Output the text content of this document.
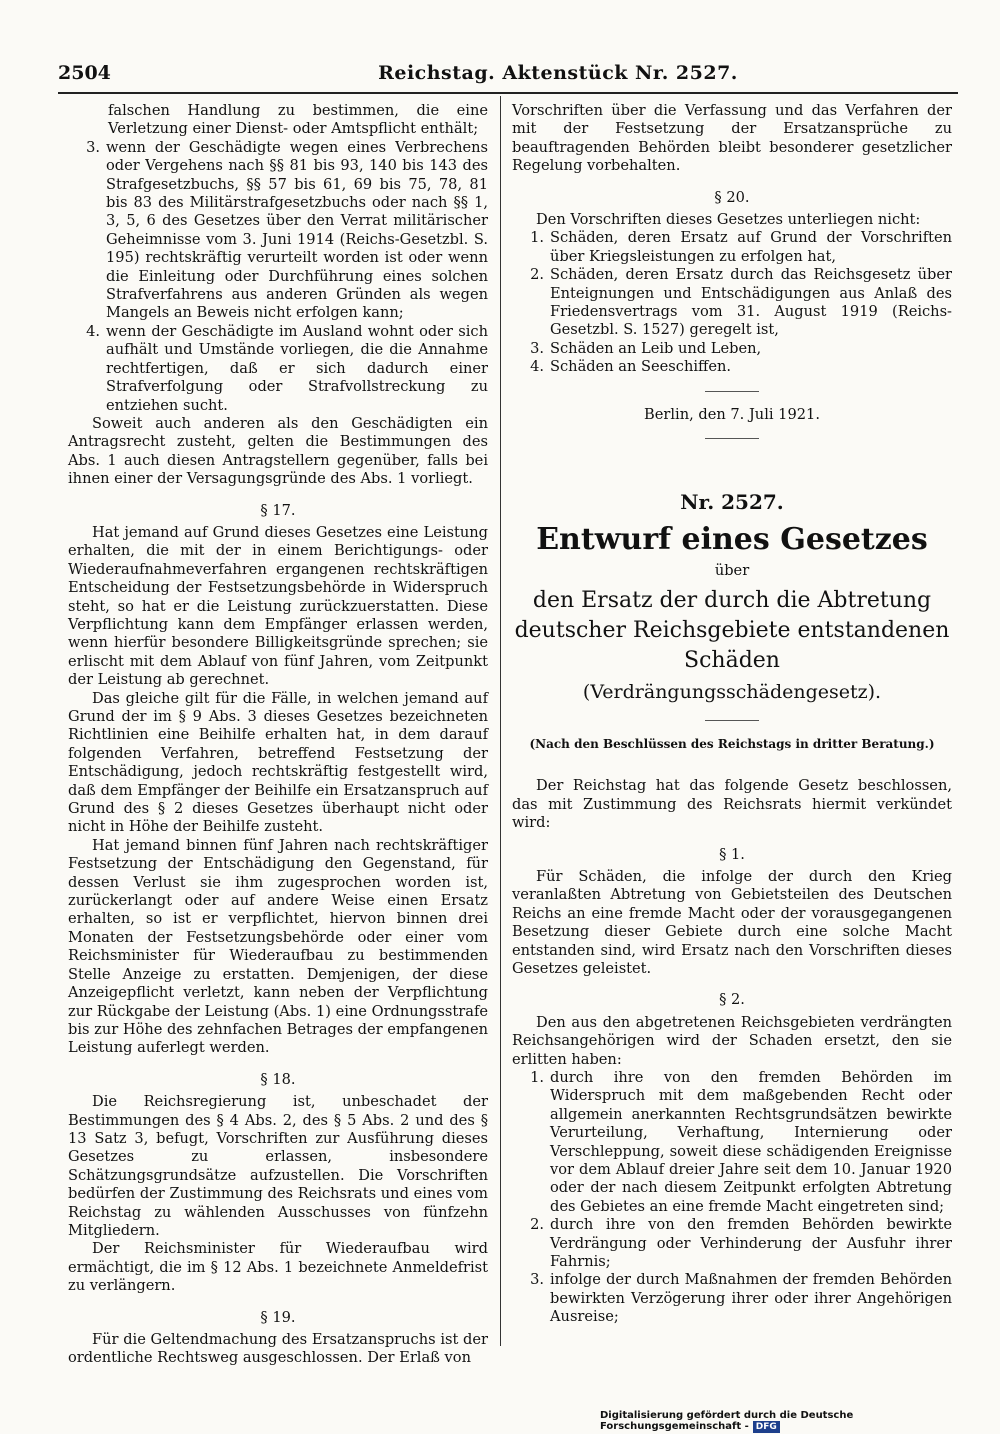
2504	Reichstag. Aktenstück Nr. 2527.

falschen Handlung zu bestimmen, die eine Verletzung einer Dienst- oder Amtspflicht enthält;

3. wenn der Geschädigte wegen eines Verbrechens oder Vergehens nach §§ 81 bis 93, 140 bis 143 des Strafgesetzbuchs, §§ 57 bis 61, 69 bis 75, 78, 81 bis 83 des Militärstrafgesetzbuchs oder nach §§ 1, 3, 5, 6 des Gesetzes über den Verrat militärischer Geheimnisse vom 3. Juni 1914 (Reichs-Gesetzbl. S. 195) rechtskräftig verurteilt worden ist oder wenn die Einleitung oder Durchführung eines solchen Strafverfahrens aus anderen Gründen als wegen Mangels an Beweis nicht erfolgen kann;
4. wenn der Geschädigte im Ausland wohnt oder sich aufhält und Umstände vorliegen, die die Annahme rechtfertigen, daß er sich dadurch einer Strafverfolgung oder Strafvollstreckung zu entziehen sucht.

Soweit auch anderen als den Geschädigten ein Antragsrecht zusteht, gelten die Bestimmungen des Abs. 1 auch diesen Antragstellern gegenüber, falls bei ihnen einer der Versagungsgründe des Abs. 1 vorliegt.

§ 17.

Hat jemand auf Grund dieses Gesetzes eine Leistung erhalten, die mit der in einem Berichtigungs- oder Wiederaufnahmeverfahren ergangenen rechtskräftigen Entscheidung der Festsetzungsbehörde in Widerspruch steht, so hat er die Leistung zurückzuerstatten. Diese Verpflichtung kann dem Empfänger erlassen werden, wenn hierfür besondere Billigkeitsgründe sprechen; sie erlischt mit dem Ablauf von fünf Jahren, vom Zeitpunkt der Leistung ab gerechnet.

Das gleiche gilt für die Fälle, in welchen jemand auf Grund der im § 9 Abs. 3 dieses Gesetzes bezeichneten Richtlinien eine Beihilfe erhalten hat, in dem darauf folgenden Verfahren, betreffend Festsetzung der Entschädigung, jedoch rechtskräftig festgestellt wird, daß dem Empfänger der Beihilfe ein Ersatzanspruch auf Grund des § 2 dieses Gesetzes überhaupt nicht oder nicht in Höhe der Beihilfe zusteht.

Hat jemand binnen fünf Jahren nach rechtskräftiger Festsetzung der Entschädigung den Gegenstand, für dessen Verlust sie ihm zugesprochen worden ist, zurückerlangt oder auf andere Weise einen Ersatz erhalten, so ist er verpflichtet, hiervon binnen drei Monaten der Festsetzungsbehörde oder einer vom Reichsminister für Wiederaufbau zu bestimmenden Stelle Anzeige zu erstatten. Demjenigen, der diese Anzeigepflicht verletzt, kann neben der Verpflichtung zur Rückgabe der Leistung (Abs. 1) eine Ordnungsstrafe bis zur Höhe des zehnfachen Betrages der empfangenen Leistung auferlegt werden.

§ 18.

Die Reichsregierung ist, unbeschadet der Bestimmungen des § 4 Abs. 2, des § 5 Abs. 2 und des § 13 Satz 3, befugt, Vorschriften zur Ausführung dieses Gesetzes zu erlassen, insbesondere Schätzungsgrundsätze aufzustellen. Die Vorschriften bedürfen der Zustimmung des Reichsrats und eines vom Reichstag zu wählenden Ausschusses von fünfzehn Mitgliedern.

Der Reichsminister für Wiederaufbau wird ermächtigt, die im § 12 Abs. 1 bezeichnete Anmeldefrist zu verlängern.

§ 19.

Für die Geltendmachung des Ersatzanspruchs ist der ordentliche Rechtsweg ausgeschlossen. Der Erlaß von

Vorschriften über die Verfassung und das Verfahren der mit der Festsetzung der Ersatzansprüche zu beauftragenden Behörden bleibt besonderer gesetzlicher Regelung vorbehalten.

§ 20.

Den Vorschriften dieses Gesetzes unterliegen nicht:

1. Schäden, deren Ersatz auf Grund der Vorschriften über Kriegsleistungen zu erfolgen hat,
2. Schäden, deren Ersatz durch das Reichsgesetz über Enteignungen und Entschädigungen aus Anlaß des Friedensvertrags vom 31. August 1919 (Reichs-Gesetzbl. S. 1527) geregelt ist,
3. Schäden an Leib und Leben,
4. Schäden an Seeschiffen.
Berlin, den 7. Juli 1921.
Nr. 2527.
Entwurf eines Gesetzes
über
den Ersatz der durch die Abtretung deutscher Reichsgebiete entstandenen Schäden
(Verdrängungsschädengesetz).
(Nach den Beschlüssen des Reichstags in dritter Beratung.)

Der Reichstag hat das folgende Gesetz beschlossen, das mit Zustimmung des Reichsrats hiermit verkündet wird:

§ 1.

Für Schäden, die infolge der durch den Krieg veranlaßten Abtretung von Gebietsteilen des Deutschen Reichs an eine fremde Macht oder der vorausgegangenen Besetzung dieser Gebiete durch eine solche Macht entstanden sind, wird Ersatz nach den Vorschriften dieses Gesetzes geleistet.

§ 2.

Den aus den abgetretenen Reichsgebieten verdrängten Reichsangehörigen wird der Schaden ersetzt, den sie erlitten haben:

1. durch ihre von den fremden Behörden im Widerspruch mit dem maßgebenden Recht oder allgemein anerkannten Rechtsgrundsätzen bewirkte Verurteilung, Verhaftung, Internierung oder Verschleppung, soweit diese schädigenden Ereignisse vor dem Ablauf dreier Jahre seit dem 10. Januar 1920 oder der nach diesem Zeitpunkt erfolgten Abtretung des Gebietes an eine fremde Macht eingetreten sind;
2. durch ihre von den fremden Behörden bewirkte Verdrängung oder Verhinderung der Ausfuhr ihrer Fahrnis;
3. infolge der durch Maßnahmen der fremden Behörden bewirkten Verzögerung ihrer oder ihrer Angehörigen Ausreise;
Digitalisierung gefördert durch die Deutsche Forschungsgemeinschaft - DFG
